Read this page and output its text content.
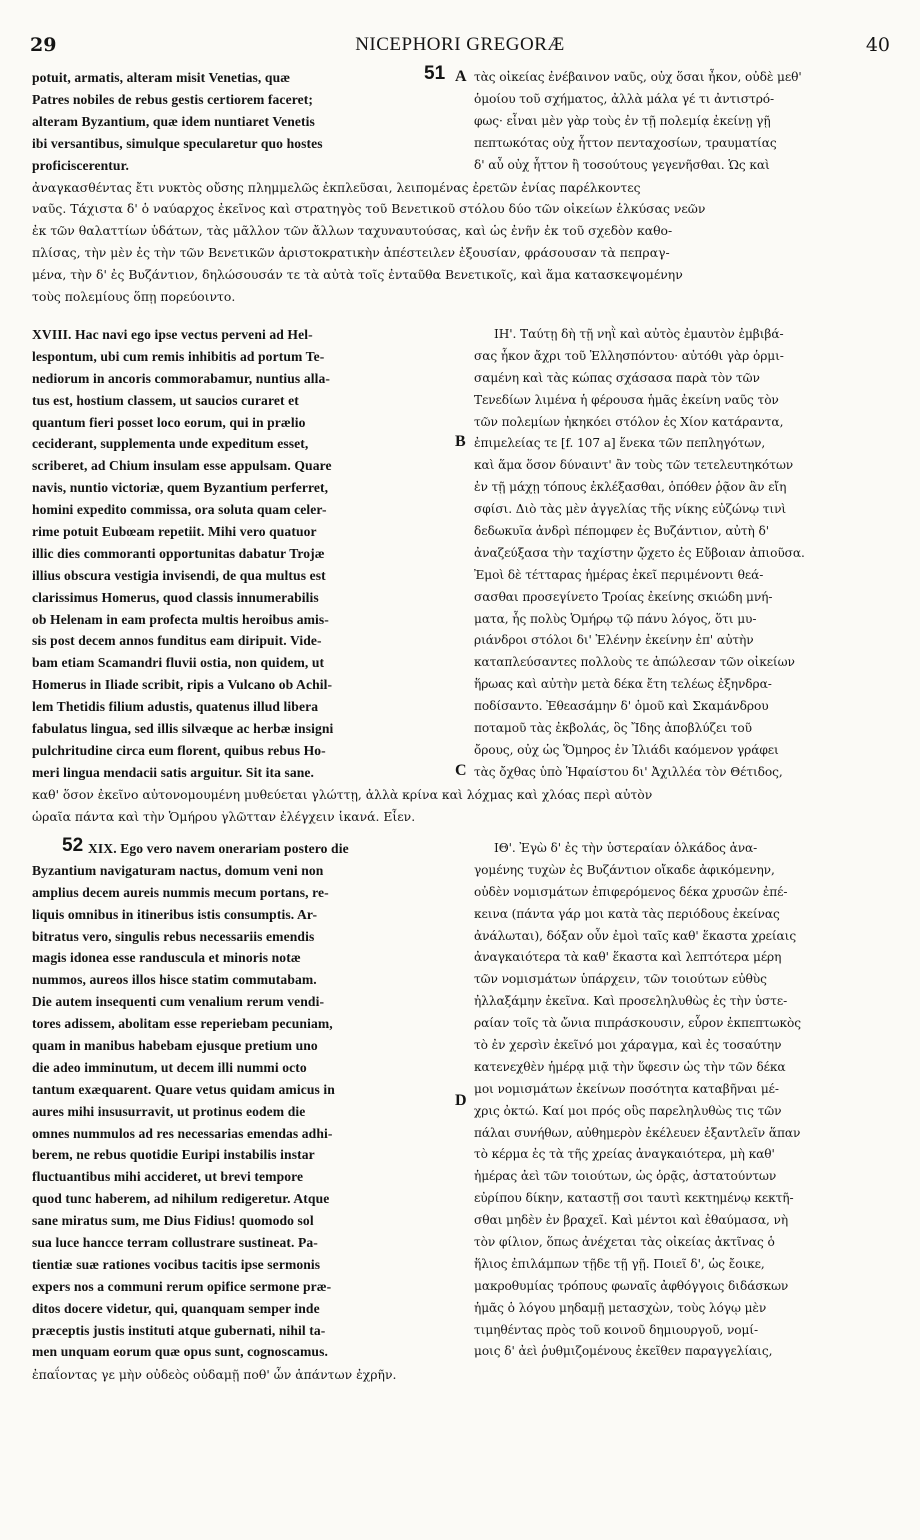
29	NICEPHORI GREGORÆ	40
potuit, armatis, alteram misit Venetias, quæ
Patres nobiles de rebus gestis certiorem faceret;
alteram Byzantium, quæ idem nuntiaret Venetis
ibi versantibus, simulque specularetur quo hostes
proficiscerentur.
τὰς οἰκείας ἐνέβαινον ναῦς, οὐχ ὅσαι ἦκον, οὐδὲ μεθ'
ὁμοίου τοῦ σχήματος, ἀλλὰ μάλα γέ τι ἀντιστρό-
φως· εἶναι μὲν γὰρ τοὺς ἐν τῇ πολεμίᾳ ἐκείνῃ γῇ
πεπτωκότας οὐχ ἧττον πενταχοσίων, τραυματίας
δ' αὖ οὐχ ἧττον ἢ τοσούτους γεγενῆσθαι. Ὡς καὶ
ἀναγκασθέντας ἔτι νυκτὸς οὔσης πλημμελῶς ἐκπλεῦσαι, λειπομένας ἐρετῶν ἐνίας παρέλκοντες
ναῦς. Τάχιστα δ' ὁ ναύαρχος ἐκεῖνος καὶ στρατηγὸς τοῦ Βενετικοῦ στόλου δύο τῶν οἰκείων ἑλκύσας νεῶν
ἐκ τῶν θαλαττίων ὑδάτων, τὰς μᾶλλον τῶν ἄλλων ταχυναυτούσας, καὶ ὡς ἐνῆν ἐκ τοῦ σχεδὸν καθο-
πλίσας, τὴν μὲν ἐς τὴν τῶν Βενετικῶν ἀριστοκρατικὴν ἀπέστειλεν ἐξουσίαν, φράσουσαν τὰ πεπραγ-
μένα, τὴν δ' ἐς Βυζάντιον, δηλώσουσάν τε τὰ αὐτὰ τοῖς ἐνταῦθα Βενετικοῖς, καὶ ἅμα κατασκεψομένην
τοὺς πολεμίους ὅπῃ πορεύοιντο.
XVIII. Hac navi ego ipse vectus perveni ad Hel-
lespontum, ubi cum remis inhibitis ad portum Te-
nediorum in ancoris commorabamur, nuntius alla-
tus est, hostium classem, ut saucios curaret et
quantum fieri posset loco eorum, qui in prælio
ceciderant, supplementa unde expeditum esset,
scriberet, ad Chium insulam esse appulsam. Quare
navis, nuntio victoriæ, quem Byzantium perferret,
homini expedito commissa, ora soluta quam celer-
rime potuit Eubœam repetiit. Mihi vero quatuor
illic dies commoranti opportunitas dabatur Trojæ
illius obscura vestigia invisendi, de qua multus est
clarissimus Homerus, quod classis innumerabilis
ob Helenam in eam profecta multis heroibus amis-
sis post decem annos funditus eam diripuit. Vide-
bam etiam Scamandri fluvii ostia, non quidem, ut
Homerus in Iliade scribit, ripis a Vulcano ob Achil-
lem Thetidis filium adustis, quatenus illud libera
fabulatus lingua, sed illis silvæque ac herbæ insigni
pulchritudine circa eum florent, quibus rebus Ho-
meri lingua mendacii satis arguitur. Sit ita sane.
ΙΗ'. Ταύτῃ δὴ τῇ νηῒ καὶ αὐτὸς ἐμαυτὸν ἐμβιβά-
σας ἧκον ἄχρι τοῦ Ἑλλησπόντου· αὐτόθι γὰρ ὁρμι-
σαμένη καὶ τὰς κώπας σχάσασα παρὰ τὸν τῶν
Τενεδίων λιμένα ἡ φέρουσα ἡμᾶς ἐκείνη ναῦς τὸν
τῶν πολεμίων ἠκηκόει στόλον ἐς Χίον κατάραντα,
ἐπιμελείας τε [f. 107 a] ἕνεκα τῶν πεπληγότων,
καὶ ἅμα ὅσον δύναιντ' ἂν τοὺς τῶν τετελευτηκότων
ἐν τῇ μάχῃ τόπους ἐκλέξασθαι, ὁπόθεν ῥᾷον ἂν εἴη
σφίσι. Διὸ τὰς μὲν ἀγγελίας τῆς νίκης εὐζώνῳ τινὶ
δεδωκυῖα ἀνδρὶ πέπομφεν ἐς Βυζάντιον, αὐτὴ δ'
ἀναζεύξασα τὴν ταχίστην ᾤχετο ἐς Εὔβοιαν ἀπιοῦσα.
Ἐμοὶ δὲ τέτταρας ἡμέρας ἐκεῖ περιμένοντι θεά-
σασθαι προσεγίνετο Τροίας ἐκείνης σκιώδη μνή-
ματα, ἧς πολὺς Ὁμήρῳ τῷ πάνυ λόγος, ὅτι μυ-
ριάνδροι στόλοι δι' Ἑλένην ἐκείνην ἐπ' αὐτὴν
καταπλεύσαντες πολλοὺς τε ἀπώλεσαν τῶν οἰκείων
ἥρωας καὶ αὐτὴν μετὰ δέκα ἔτη τελέως ἐξηνδρα-
ποδίσαντο. Ἐθεασάμην δ' ὁμοῦ καὶ Σκαμάνδρου
ποταμοῦ τὰς ἐκβολάς, ὃς Ἴδης ἀποβλύζει τοῦ
ὄρους, οὐχ ὡς Ὅμηρος ἐν Ἰλιάδι καόμενον γράφει
τὰς ὄχθας ὑπὸ Ἡφαίστου δι' Ἀχιλλέα τὸν Θέτιδος,
καθ' ὅσον ἐκεῖνο αὐτονομουμένη μυθεύεται γλώττῃ, ἀλλὰ κρίνα καὶ λόχμας καὶ χλόας περὶ αὐτὸν
ὡραῖα πάντα καὶ τὴν Ὁμήρου γλῶτταν ἐλέγχειν ἱκανά. Εἶεν.
XIX. Ego vero navem onerariam postero die
Byzantium navigaturam nactus, domum veni non
amplius decem aureis nummis mecum portans, re-
liquis omnibus in itineribus istis consumptis. Ar-
bitratus vero, singulis rebus necessariis emendis
magis idonea esse randuscula et minoris notæ
nummos, aureos illos hisce statim commutabam.
Die autem insequenti cum venalium rerum vendi-
tores adissem, abolitam esse reperiebam pecuniam,
quam in manibus habebam ejusque pretium uno
die adeo imminutum, ut decem illi nummi octo
tantum exæquarent. Quare vetus quidam amicus in
aures mihi insusurravit, ut protinus eodem die
omnes nummulos ad res necessarias emendas adhi-
berem, ne rebus quotidie Euripi instabilis instar
fluctuantibus mihi accideret, ut brevi tempore
quod tunc haberem, ad nihilum redigeretur. Atque
sane miratus sum, me Dius Fidius! quomodo sol
sua luce hancce terram collustrare sustineat. Pa-
tientiæ suæ rationes vocibus tacitis ipse sermonis
expers nos a communi rerum opifice sermone præ-
ditos docere videtur, qui, quanquam semper inde
præceptis justis instituti atque gubernati, nihil ta-
men unquam eorum quæ opus sunt, cognoscamus.
ΙΘ'. Ἐγὼ δ' ἐς τὴν ὑστεραίαν ὁλκάδος ἀνα-
γομένης τυχὼν ἐς Βυζάντιον οἴκαδε ἀφικόμενην,
οὐδὲν νομισμάτων ἐπιφερόμενος δέκα χρυσῶν ἐπέ-
κεινα (πάντα γάρ μοι κατὰ τὰς περιόδους ἐκείνας
ἀνάλωται), δόξαν οὖν ἐμοὶ ταῖς καθ' ἕκαστα χρείαις
ἀναγκαιότερα τὰ καθ' ἕκαστα καὶ λεπτότερα μέρη
τῶν νομισμάτων ὑπάρχειν, τῶν τοιούτων εὐθὺς
ἠλλαξάμην ἐκεῖνα. Καὶ προσεληλυθὼς ἐς τὴν ὑστε-
ραίαν τοῖς τὰ ὤνια πιπράσκουσιν, εὗρον ἐκπεπτωκὸς
τὸ ἐν χερσὶν ἐκεῖνό μοι χάραγμα, καὶ ἐς τοσαύτην
κατενεχθὲν ἡμέρᾳ μιᾷ τὴν ὕφεσιν ὡς τὴν τῶν δέκα
μοι νομισμάτων ἐκείνων ποσότητα καταβῆναι μέ-
χρις ὀκτώ. Καί μοι πρός οὓς παρεληλυθὼς τις τῶν
πάλαι συνήθων, αὐθημερὸν ἐκέλευεν ἐξαντλεῖν ἅπαν
τὸ κέρμα ἐς τὰ τῆς χρείας ἀναγκαιότερα, μὴ καθ'
ἡμέρας ἀεὶ τῶν τοιούτων, ὡς ὁρᾷς, ἀστατούντων
εὐρίπου δίκην, καταστῇ σοι ταυτὶ κεκτημένῳ κεκτῆ-
σθαι μηδὲν ἐν βραχεῖ. Καὶ μέντοι καὶ ἐθαύμασα, νὴ
τὸν φίλιον, ὅπως ἀνέχεται τὰς οἰκείας ἀκτῖνας ὁ
ἥλιος ἐπιλάμπων τῇδε τῇ γῇ. Ποιεῖ δ', ὡς ἔοικε,
μακροθυμίας τρόπους φωναῖς ἀφθόγγοις διδάσκων
ἡμᾶς ὁ λόγου μηδαμῇ μετασχὼν, τοὺς λόγῳ μὲν
τιμηθέντας πρὸς τοῦ κοινοῦ δημιουργοῦ, νομί-
μοις δ' ἀεὶ ῥυθμιζομένους ἐκεῖθεν παραγγελίαις,
ἐπαΐοντας γε μὴν οὐδεὸς οὐδαμῇ ποθ' ὧν ἁπάντων ἐχρῆν.
51 A
B
C
52
D
